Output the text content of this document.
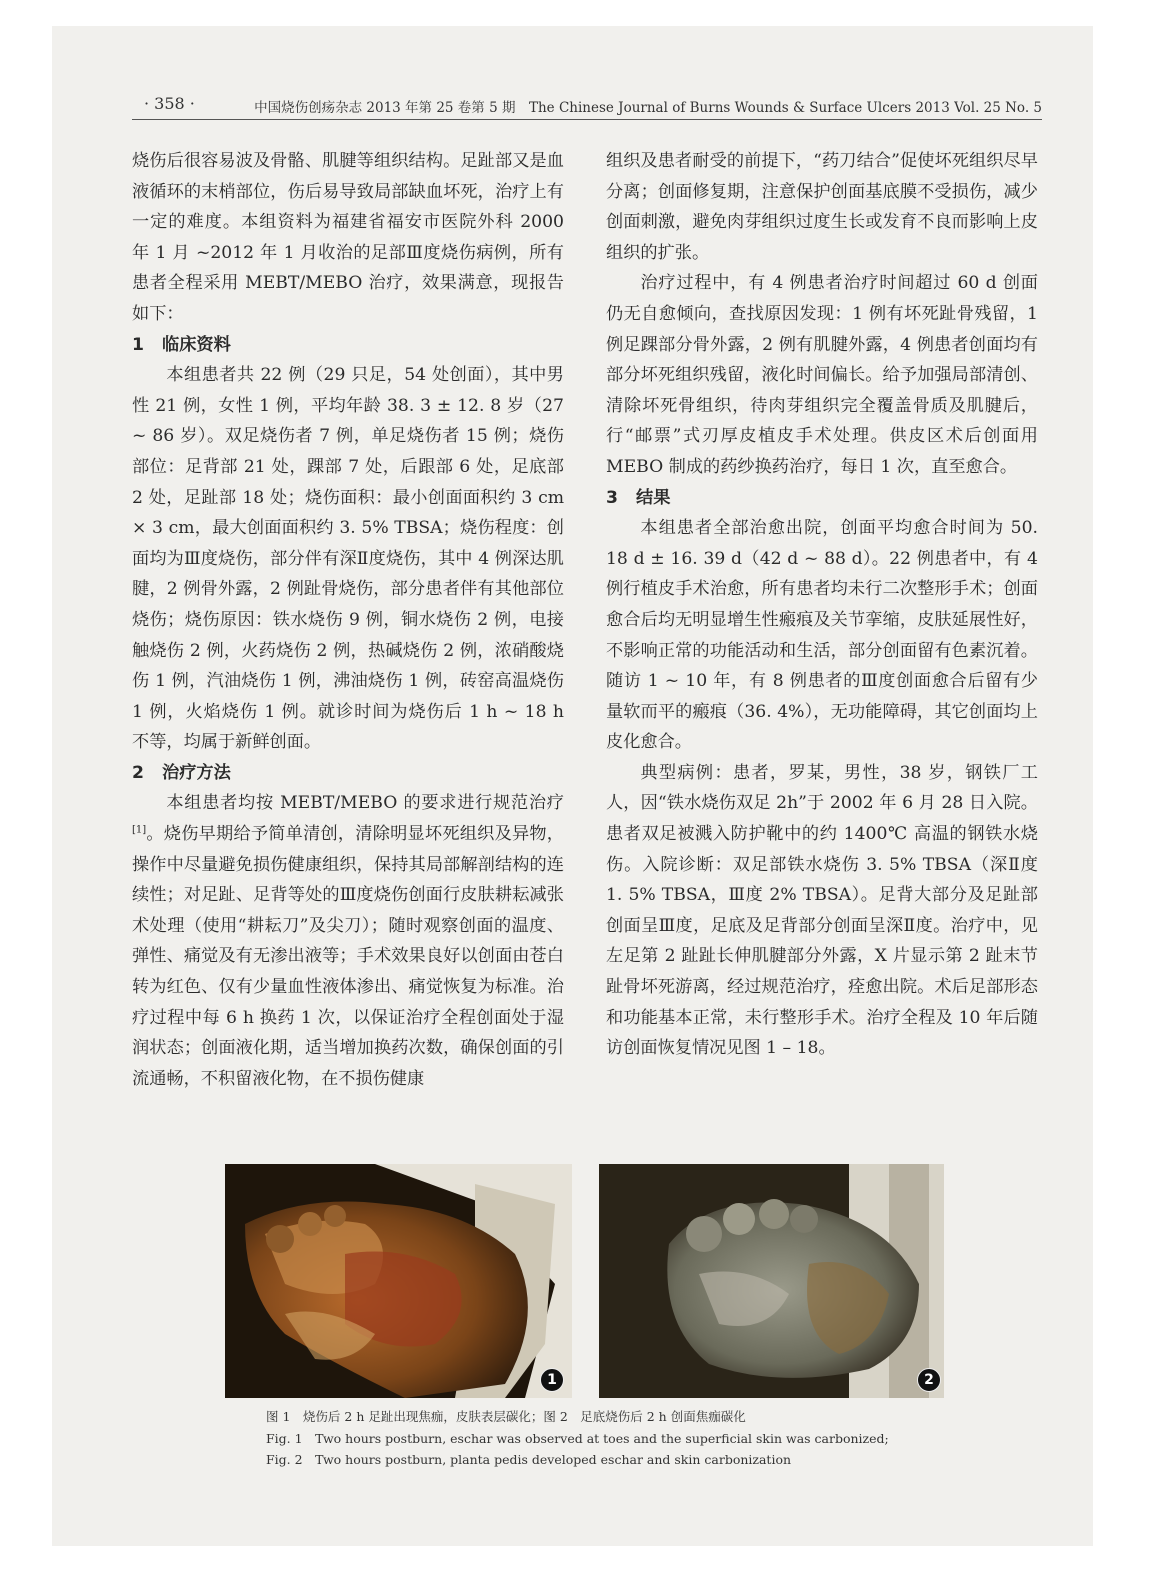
· 358 ·	中国烧伤创疡杂志 2013 年第 25 卷第 5 期　The Chinese Journal of Burns Wounds & Surface Ulcers 2013 Vol. 25 No. 5

烧伤后很容易波及骨骼、肌腱等组织结构。足趾部又是血液循环的末梢部位，伤后易导致局部缺血坏死，治疗上有一定的难度。本组资料为福建省福安市医院外科 2000 年 1 月 ~2012 年 1 月收治的足部Ⅲ度烧伤病例，所有患者全程采用 MEBT/MEBO 治疗，效果满意，现报告如下：

1 临床资料

本组患者共 22 例（29 只足，54 处创面），其中男性 21 例，女性 1 例，平均年龄 38. 3 ± 12. 8 岁（27 ~ 86 岁）。双足烧伤者 7 例，单足烧伤者 15 例；烧伤部位：足背部 21 处，踝部 7 处，后跟部 6 处，足底部 2 处，足趾部 18 处；烧伤面积：最小创面面积约 3 cm × 3 cm，最大创面面积约 3. 5% TBSA；烧伤程度：创面均为Ⅲ度烧伤，部分伴有深Ⅱ度烧伤，其中 4 例深达肌腱，2 例骨外露，2 例趾骨烧伤，部分患者伴有其他部位烧伤；烧伤原因：铁水烧伤 9 例，铜水烧伤 2 例，电接触烧伤 2 例，火药烧伤 2 例，热碱烧伤 2 例，浓硝酸烧伤 1 例，汽油烧伤 1 例，沸油烧伤 1 例，砖窑高温烧伤 1 例，火焰烧伤 1 例。就诊时间为烧伤后 1 h ~ 18 h 不等，均属于新鲜创面。

2 治疗方法

本组患者均按 MEBT/MEBO 的要求进行规范治疗[1]。烧伤早期给予简单清创，清除明显坏死组织及异物，操作中尽量避免损伤健康组织，保持其局部解剖结构的连续性；对足趾、足背等处的Ⅲ度烧伤创面行皮肤耕耘减张术处理（使用“耕耘刀”及尖刀）；随时观察创面的温度、弹性、痛觉及有无渗出液等；手术效果良好以创面由苍白转为红色、仅有少量血性液体渗出、痛觉恢复为标准。治疗过程中每 6 h 换药 1 次，以保证治疗全程创面处于湿润状态；创面液化期，适当增加换药次数，确保创面的引流通畅，不积留液化物，在不损伤健康

组织及患者耐受的前提下，“药刀结合”促使坏死组织尽早分离；创面修复期，注意保护创面基底膜不受损伤，减少创面刺激，避免肉芽组织过度生长或发育不良而影响上皮组织的扩张。

治疗过程中，有 4 例患者治疗时间超过 60 d 创面仍无自愈倾向，查找原因发现：1 例有坏死趾骨残留，1 例足踝部分骨外露，2 例有肌腱外露，4 例患者创面均有部分坏死组织残留，液化时间偏长。给予加强局部清创、清除坏死骨组织，待肉芽组织完全覆盖骨质及肌腱后，行“邮票”式刃厚皮植皮手术处理。供皮区术后创面用 MEBO 制成的药纱换药治疗，每日 1 次，直至愈合。

3 结果

本组患者全部治愈出院，创面平均愈合时间为 50. 18 d ± 16. 39 d（42 d ~ 88 d）。22 例患者中，有 4 例行植皮手术治愈，所有患者均未行二次整形手术；创面愈合后均无明显增生性瘢痕及关节挛缩，皮肤延展性好，不影响正常的功能活动和生活，部分创面留有色素沉着。随访 1 ~ 10 年，有 8 例患者的Ⅲ度创面愈合后留有少量软而平的瘢痕（36. 4%），无功能障碍，其它创面均上皮化愈合。

典型病例：患者，罗某，男性，38 岁，钢铁厂工人，因“铁水烧伤双足 2h”于 2002 年 6 月 28 日入院。患者双足被溅入防护靴中的约 1400℃ 高温的钢铁水烧伤。入院诊断：双足部铁水烧伤 3. 5% TBSA（深Ⅱ度 1. 5% TBSA，Ⅲ度 2% TBSA）。足背大部分及足趾部创面呈Ⅲ度，足底及足背部分创面呈深Ⅱ度。治疗中，见左足第 2 趾趾长伸肌腱部分外露，X 片显示第 2 趾末节趾骨坏死游离，经过规范治疗，痊愈出院。术后足部形态和功能基本正常，未行整形手术。治疗全程及 10 年后随访创面恢复情况见图 1 – 18。

1	2
图 1　烧伤后 2 h 足趾出现焦痂，皮肤表层碳化；图 2　足底烧伤后 2 h 创面焦痂碳化
Fig. 1　Two hours postburn, eschar was observed at toes and the superficial skin was carbonized;
Fig. 2　Two hours postburn, planta pedis developed eschar and skin carbonization
